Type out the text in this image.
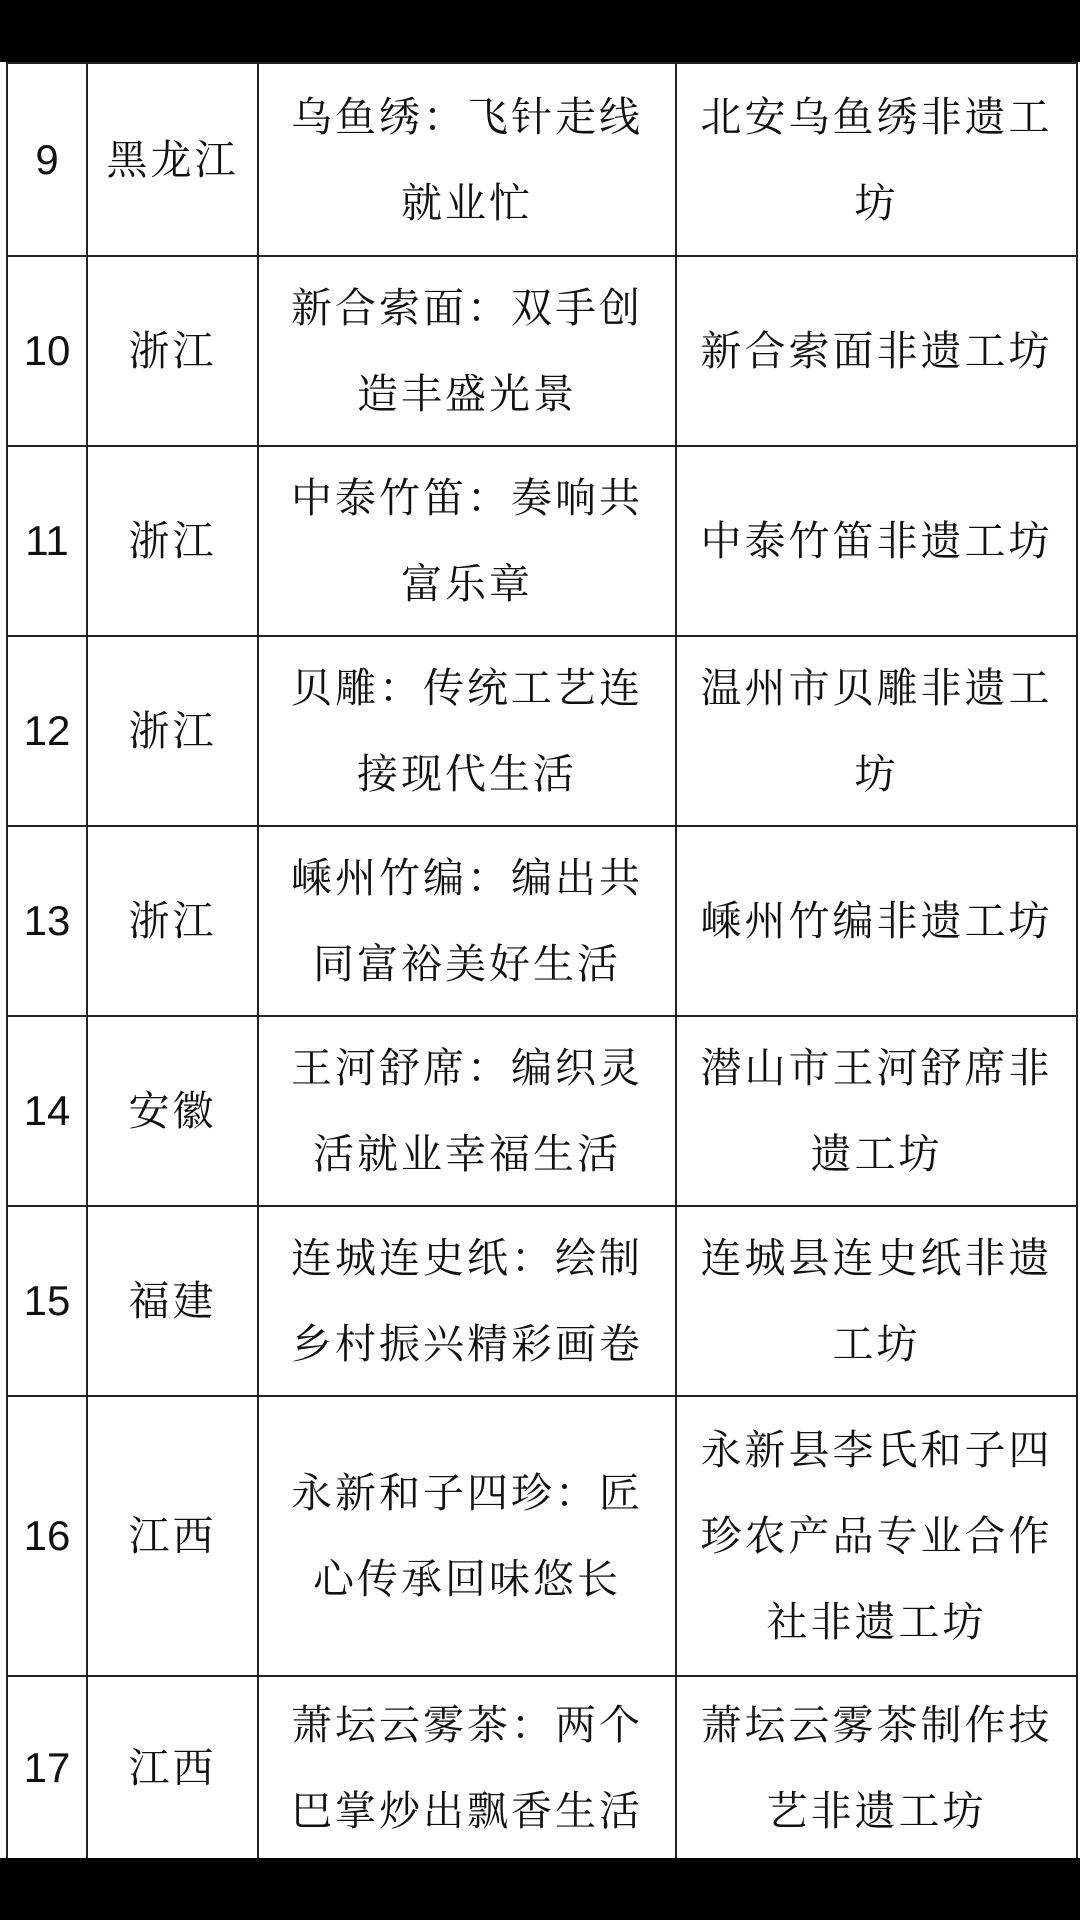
9	黑龙江	乌鱼绣：飞针走线就业忙	北安乌鱼绣非遗工坊
10	浙江	新合索面：双手创造丰盛光景	新合索面非遗工坊
11	浙江	中泰竹笛：奏响共富乐章	中泰竹笛非遗工坊
12	浙江	贝雕：传统工艺连接现代生活	温州市贝雕非遗工坊
13	浙江	嵊州竹编：编出共同富裕美好生活	嵊州竹编非遗工坊
14	安徽	王河舒席：编织灵活就业幸福生活	潜山市王河舒席非遗工坊
15	福建	连城连史纸：绘制乡村振兴精彩画卷	连城县连史纸非遗工坊
16	江西	永新和子四珍：匠心传承回味悠长	永新县李氏和子四珍农产品专业合作社非遗工坊
17	江西	萧坛云雾茶：两个巴掌炒出飘香生活	萧坛云雾茶制作技艺非遗工坊
